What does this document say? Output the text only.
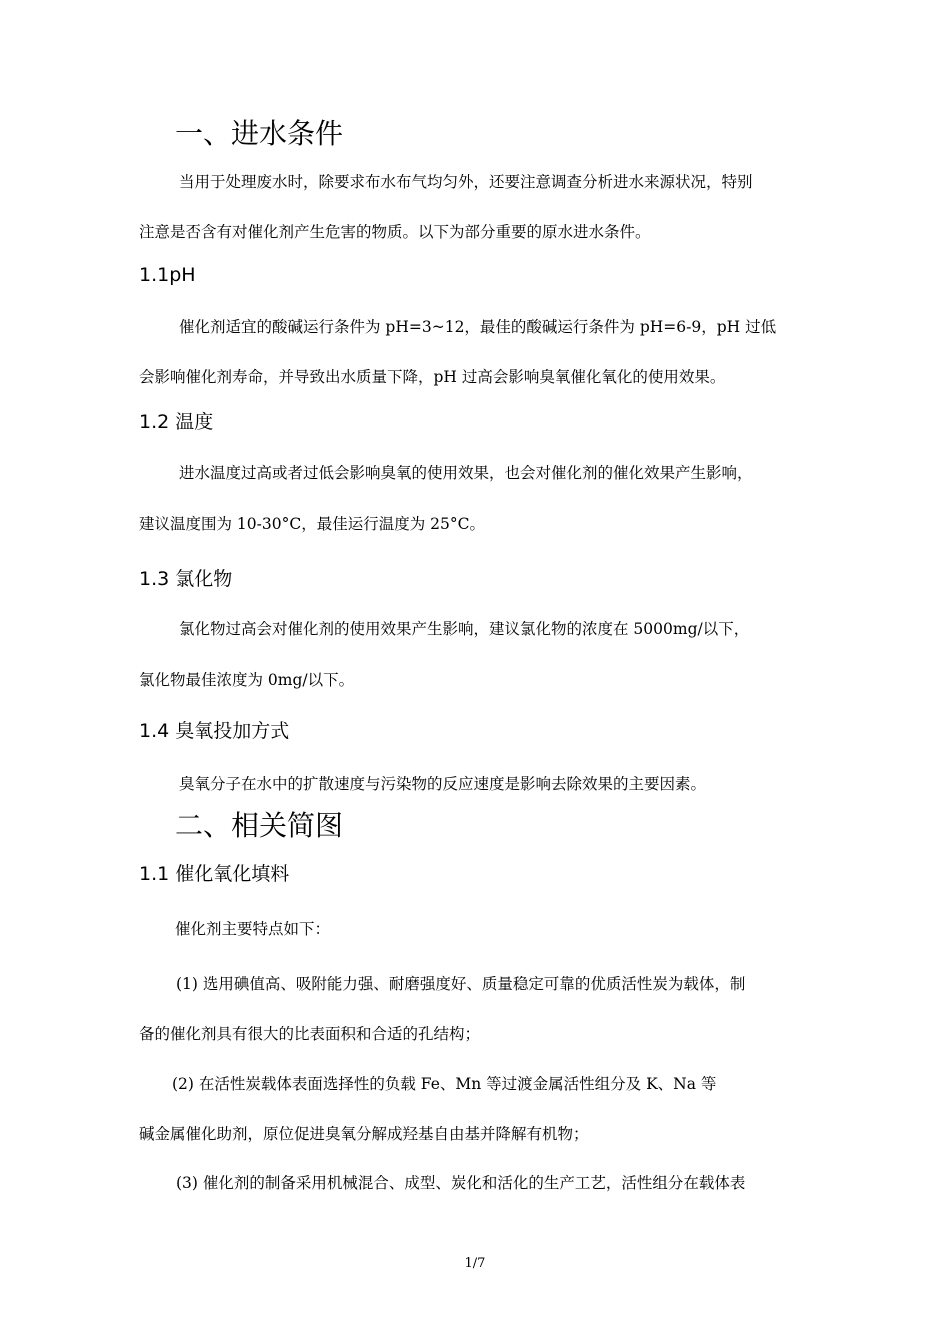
一、进水条件
当用于处理废水时，除要求布水布气均匀外，还要注意调查分析进水来源状况，特别
注意是否含有对催化剂产生危害的物质。以下为部分重要的原水进水条件。
1.1pH
催化剂适宜的酸碱运行条件为 pH=3~12，最佳的酸碱运行条件为 pH=6-9，pH 过低
会影响催化剂寿命，并导致出水质量下降，pH 过高会影响臭氧催化氧化的使用效果。
1.2 温度
进水温度过高或者过低会影响臭氧的使用效果，也会对催化剂的催化效果产生影响，
建议温度围为 10-30°C，最佳运行温度为 25°C。
1.3 氯化物
氯化物过高会对催化剂的使用效果产生影响，建议氯化物的浓度在 5000mg/以下，
氯化物最佳浓度为 0mg/以下。
1.4 臭氧投加方式
臭氧分子在水中的扩散速度与污染物的反应速度是影响去除效果的主要因素。
二、相关简图
1.1 催化氧化填料
催化剂主要特点如下：
(1) 选用碘值高、吸附能力强、耐磨强度好、质量稳定可靠的优质活性炭为载体，制
备的催化剂具有很大的比表面积和合适的孔结构；
(2) 在活性炭载体表面选择性的负载 Fe、Mn 等过渡金属活性组分及 K、Na 等
碱金属催化助剂，原位促进臭氧分解成羟基自由基并降解有机物；
(3) 催化剂的制备采用机械混合、成型、炭化和活化的生产工艺，活性组分在载体表
1/7
